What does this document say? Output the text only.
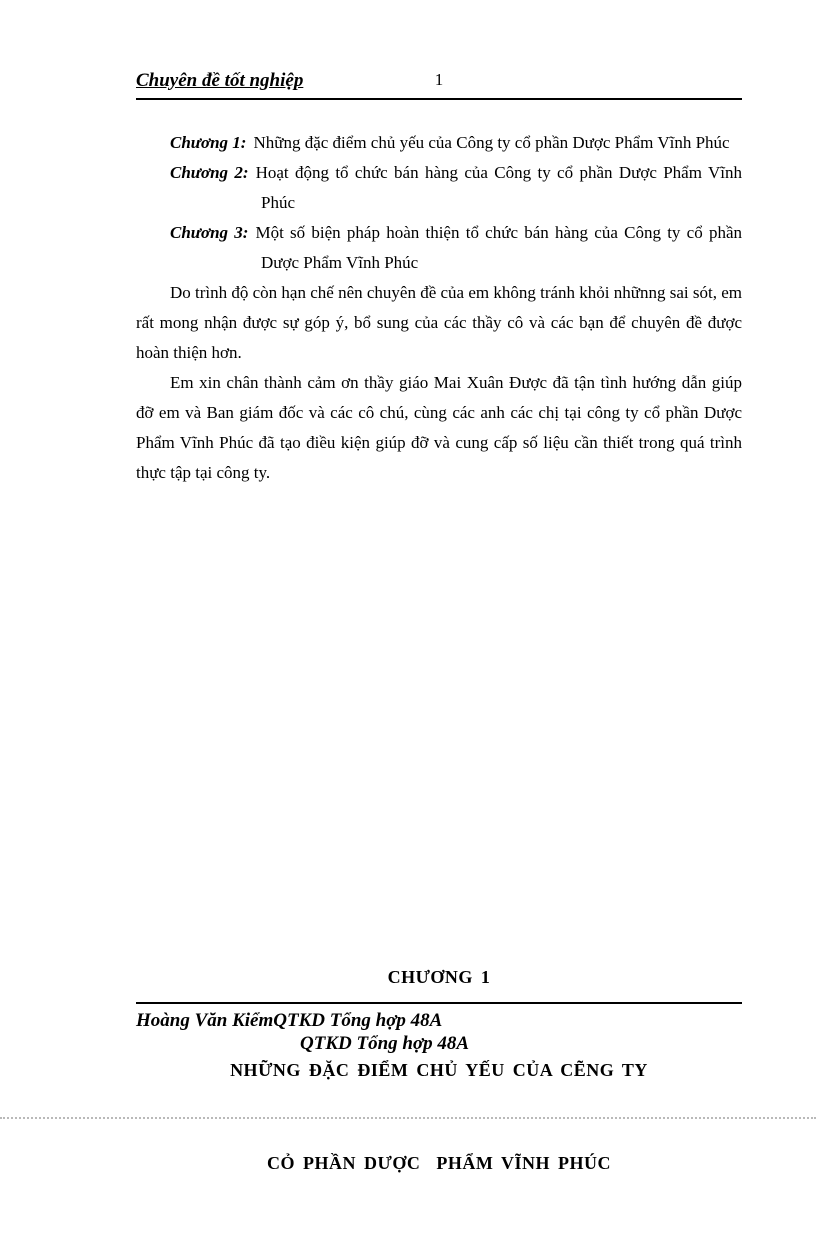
1
Chuyên đề tốt nghiệp

Chương 1: Những đặc điểm chủ yếu của Công ty cổ phần Dược Phẩm Vĩnh Phúc

Chương 2: Hoạt động tổ chức bán hàng của Công ty cổ phần Dược Phẩm Vĩnh Phúc

Chương 3: Một số biện pháp hoàn thiện tổ chức bán hàng của Công ty cổ phần Dược Phẩm Vĩnh Phúc

Do trình độ còn hạn chế nên chuyên đề của em không tránh khỏi nhữnng sai sót, em rất mong nhận được sự góp ý, bổ sung của các thầy cô và các bạn để chuyên đề được hoàn thiện hơn.

Em xin chân thành cảm ơn thầy giáo Mai Xuân Được đã tận tình hướng dẫn giúp đỡ em và Ban giám đốc và các cô chú, cùng các anh các chị tại công ty cổ phần Dược Phẩm Vĩnh Phúc đã tạo điều kiện giúp đỡ và cung cấp số liệu cần thiết trong quá trình thực tập tại công ty.

CHƯƠNG 1

NHỮNG ĐẶC ĐIỂM CHỦ YẾU CỦA CẼNG TY

CỎ PHẦN DƯỢC  PHẨM VĨNH PHÚC

Hoàng Văn KiểmQTKD Tổng hợp 48A
QTKD Tổng hợp 48A
